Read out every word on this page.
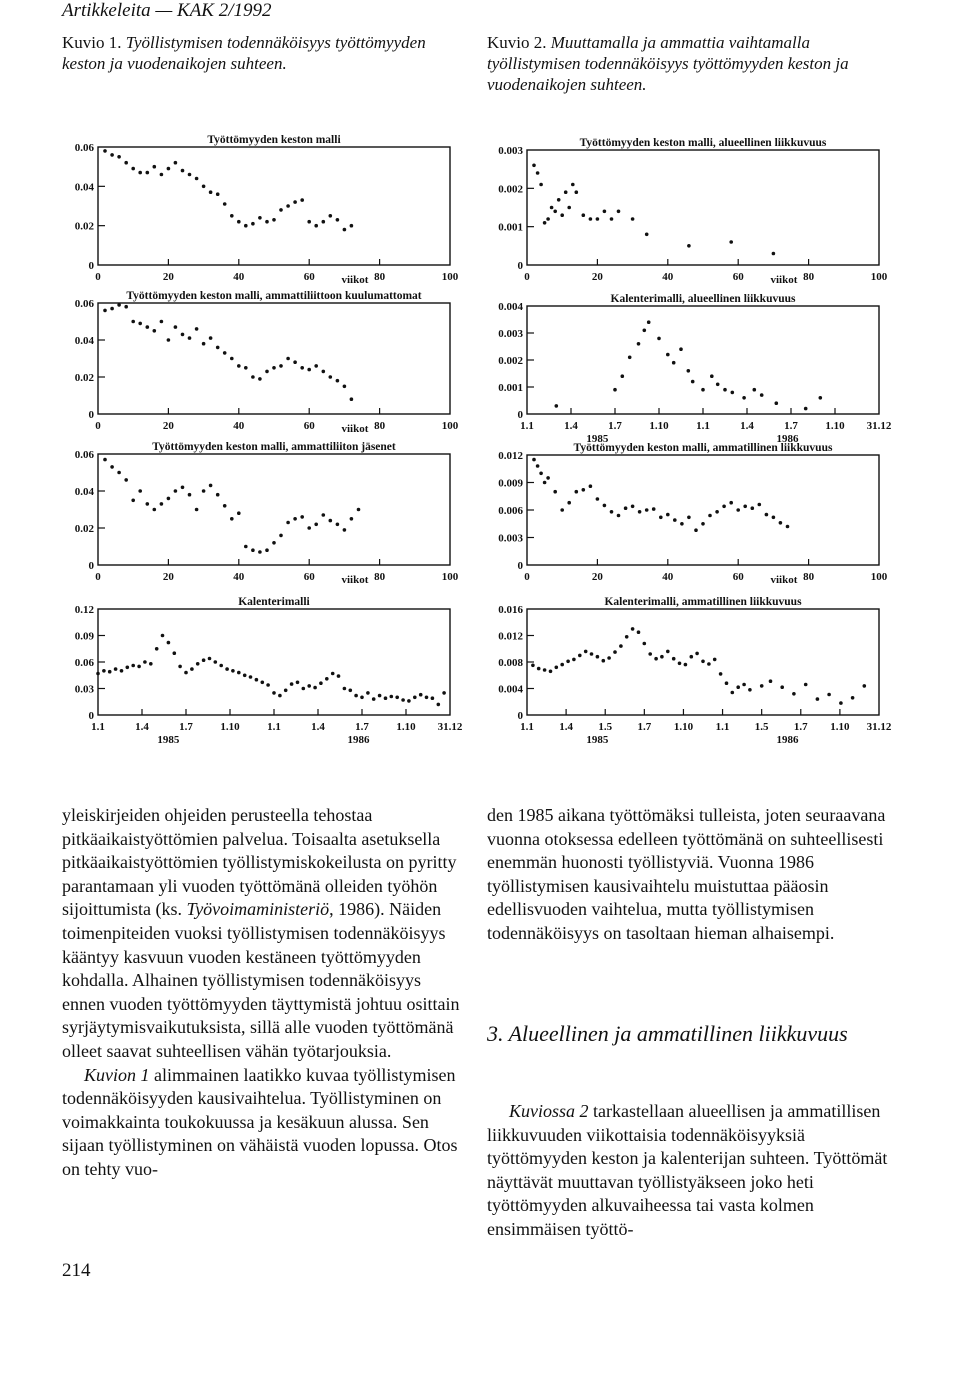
Artikkeleita — KAK 2/1992
Kuvio 1. Työllistymisen todennäköisyys työttömyyden keston ja vuodenaikojen suhteen.
Kuvio 2. Muuttamalla ja ammattia vaihtamalla työllistymisen todennäköisyys työttömyyden keston ja vuodenaikojen suhteen.
Työttömyyden keston malli
0
0.02
0.04
0.06
0	20	40	60	80	100
viikot
Työttömyyden keston malli, ammattiliittoon kuulumattomat
0
0.02
0.04
0.06
0	20	40	60	80	100
viikot
Työttömyyden keston malli, ammattiliiton jäsenet
0
0.02
0.04
0.06
0	20	40	60	80	100
viikot
Kalenterimalli
0
0.03
0.06
0.09
0.12
1.1	1.4	1.7	1.10	1.1	1.4	1.7	1.10 31.12
1985	1986
Työttömyyden keston malli, alueellinen liikkuvuus
0
0.001
0.002
0.003
0	20	40	60	80	100
viikot
Kalenterimalli, alueellinen liikkuvuus
0
0.001
0.002
0.003
0.004
1.1	1.4	1.7	1.10	1.1	1.4	1.7	1.10 31.12
1985	1986
Työttömyyden keston malli, ammatillinen liikkuvuus
0
0.003
0.006
0.009
0.012
0	20	40	60	80	100
viikot
Kalenterimalli, ammatillinen liikkuvuus
0
0.004
0.008
0.012
0.016
1.1 1.4 1.5 1.7 1.10 1.1 1.5 1.7 1.10 31.12
1985	1986

yleiskirjeiden ohjeiden perusteella tehostaa pitkäaikaistyöttömien palvelua. Toisaalta asetuksella pitkäaikaistyöttömien työllistymiskokeilusta on pyritty parantamaan yli vuoden työttömänä olleiden työhön sijoittumista (ks. Työvoimaministeriö, 1986). Näiden toimenpiteiden vuoksi työllistymisen todennäköisyys kääntyy kasvuun vuoden kestäneen työttömyyden kohdalla. Alhainen työllistymisen todennäköisyys ennen vuoden työttömyyden täyttymistä johtuu osittain syrjäytymisvaikutuksista, sillä alle vuoden työttömänä olleet saavat suhteellisen vähän työtarjouksia.

Kuvion 1 alimmainen laatikko kuvaa työllistymisen todennäköisyyden kausivaihtelua. Työllistyminen on voimakkainta toukokuussa ja kesäkuun alussa. Sen sijaan työllistyminen on vähäistä vuoden lopussa. Otos on tehty vuo-

den 1985 aikana työttömäksi tulleista, joten seuraavana vuonna otoksessa edelleen työttömänä on suhteellisesti enemmän huonosti työllistyviä. Vuonna 1986 työllistymisen kausivaihtelu muistuttaa pääosin edellisvuoden vaihtelua, mutta työllistymisen todennäköisyys on tasoltaan hieman alhaisempi.

3. Alueellinen ja ammatillinen liikkuvuus

Kuviossa 2 tarkastellaan alueellisen ja ammatillisen liikkuvuuden viikottaisia todennäköisyyksiä työttömyyden keston ja kalenterijan suhteen. Työttömät näyttävät muuttavan työllistyäkseen joko heti työttömyyden alkuvaiheessa tai vasta kolmen ensimmäisen työttö-

214
